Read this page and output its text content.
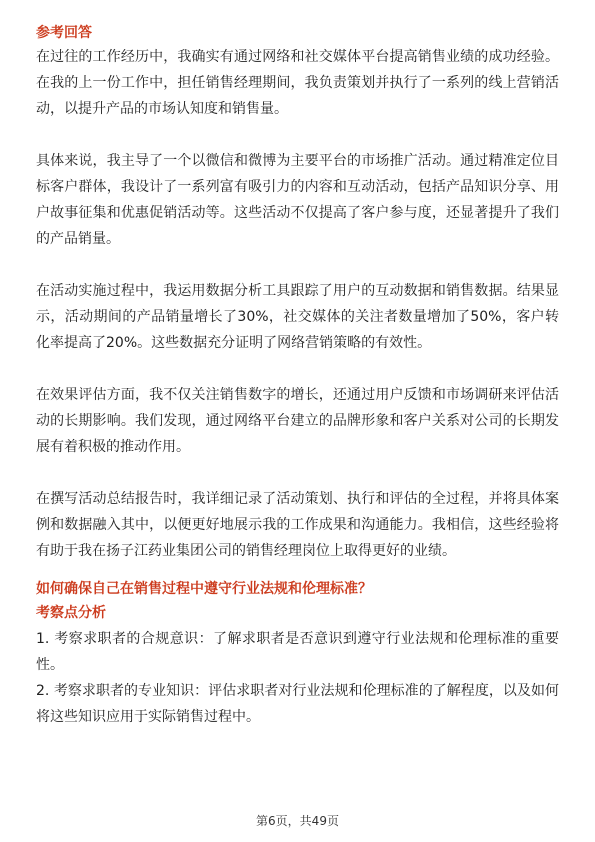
参考回答

在过往的工作经历中，我确实有通过网络和社交媒体平台提高销售业绩的成功经验。在我的上一份工作中，担任销售经理期间，我负责策划并执行了一系列的线上营销活动，以提升产品的市场认知度和销售量。

具体来说，我主导了一个以微信和微博为主要平台的市场推广活动。通过精准定位目标客户群体，我设计了一系列富有吸引力的内容和互动活动，包括产品知识分享、用户故事征集和优惠促销活动等。这些活动不仅提高了客户参与度，还显著提升了我们的产品销量。

在活动实施过程中，我运用数据分析工具跟踪了用户的互动数据和销售数据。结果显示，活动期间的产品销量增长了30%，社交媒体的关注者数量增加了50%，客户转化率提高了20%。这些数据充分证明了网络营销策略的有效性。

在效果评估方面，我不仅关注销售数字的增长，还通过用户反馈和市场调研来评估活动的长期影响。我们发现，通过网络平台建立的品牌形象和客户关系对公司的长期发展有着积极的推动作用。

在撰写活动总结报告时，我详细记录了活动策划、执行和评估的全过程，并将具体案例和数据融入其中，以便更好地展示我的工作成果和沟通能力。我相信，这些经验将有助于我在扬子江药业集团公司的销售经理岗位上取得更好的业绩。

如何确保自己在销售过程中遵守行业法规和伦理标准？
考察点分析
1. 考察求职者的合规意识：了解求职者是否意识到遵守行业法规和伦理标准的重要性。
2. 考察求职者的专业知识：评估求职者对行业法规和伦理标准的了解程度，以及如何将这些知识应用于实际销售过程中。
第6页，共49页
